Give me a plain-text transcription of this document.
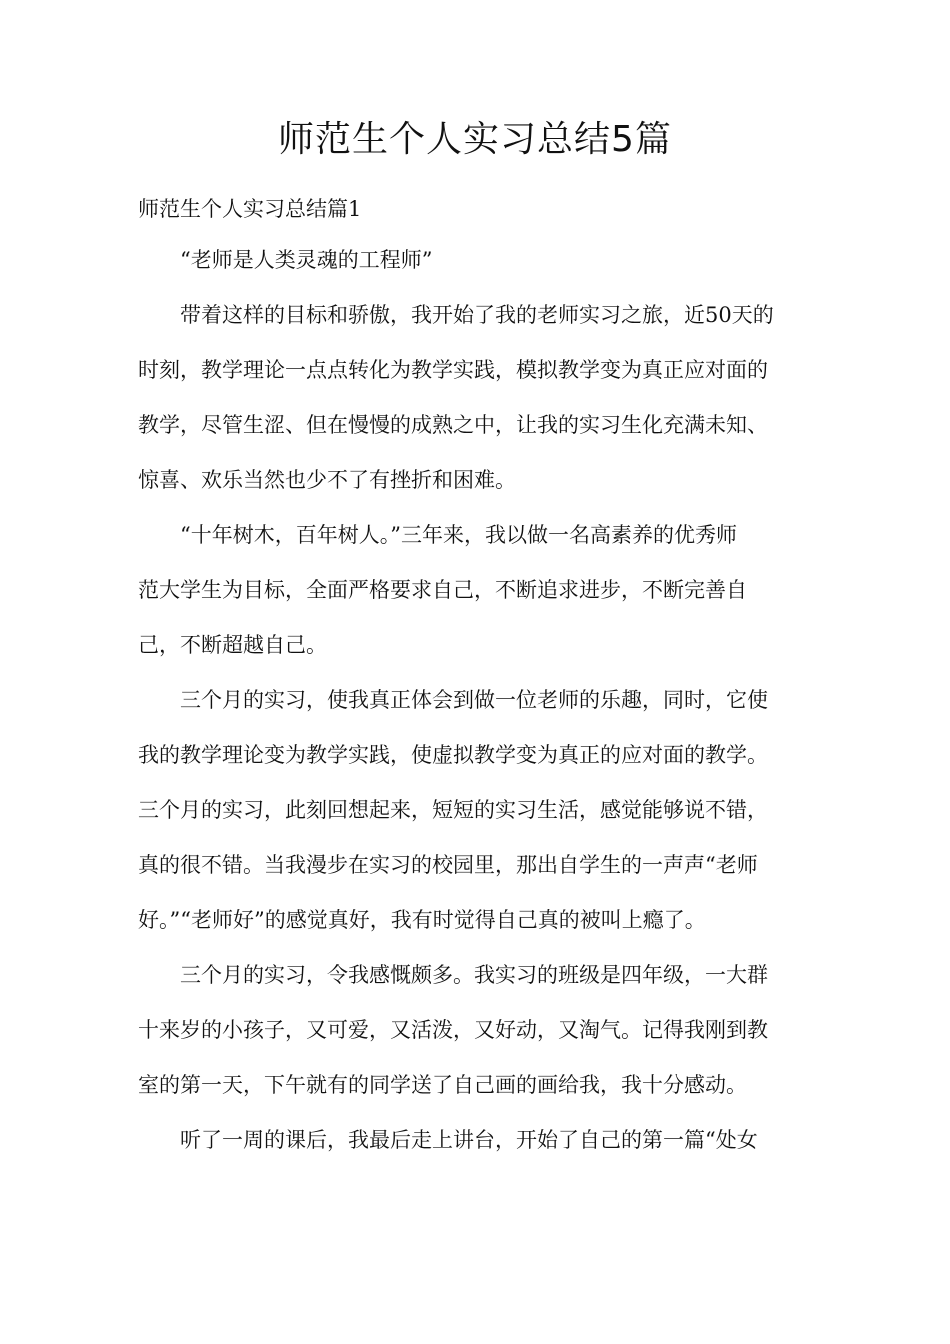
师范生个人实习总结5篇

师范生个人实习总结篇1

“老师是人类灵魂的工程师”

带着这样的目标和骄傲，我开始了我的老师实习之旅，近50天的
时刻，教学理论一点点转化为教学实践，模拟教学变为真正应对面的
教学，尽管生涩、但在慢慢的成熟之中，让我的实习生化充满未知、
惊喜、欢乐当然也少不了有挫折和困难。

“十年树木，百年树人。”三年来，我以做一名高素养的优秀师
范大学生为目标，全面严格要求自己，不断追求进步，不断完善自
己，不断超越自己。

三个月的实习，使我真正体会到做一位老师的乐趣，同时，它使
我的教学理论变为教学实践，使虚拟教学变为真正的应对面的教学。
三个月的实习，此刻回想起来，短短的实习生活，感觉能够说不错，
真的很不错。当我漫步在实习的校园里，那出自学生的一声声“老师
好。”“老师好”的感觉真好，我有时觉得自己真的被叫上瘾了。

三个月的实习，令我感慨颇多。我实习的班级是四年级，一大群
十来岁的小孩子，又可爱，又活泼，又好动，又淘气。记得我刚到教
室的第一天，下午就有的同学送了自己画的画给我，我十分感动。

听了一周的课后，我最后走上讲台，开始了自己的第一篇“处女
